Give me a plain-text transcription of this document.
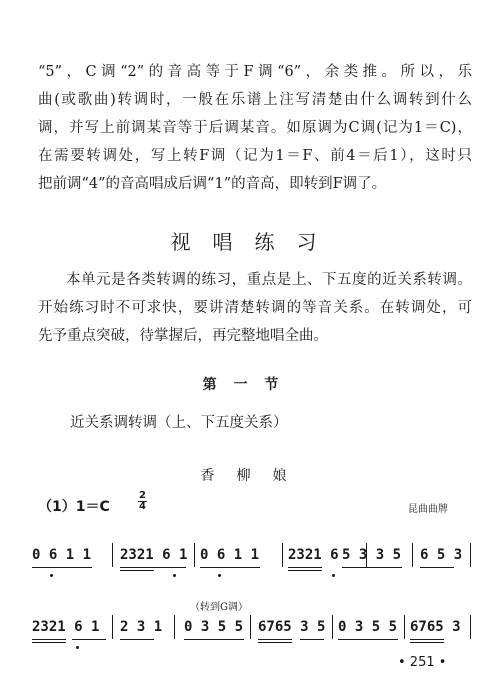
“5”，C调“2”的音高等于F调“6”，余类推。所以，乐
曲(或歌曲)转调时，一般在乐谱上注写清楚由什么调转到什么
调，并写上前调某音等于后调某音。如原调为C调(记为1＝C)，
在需要转调处，写上转F调（记为1＝F、前4＝后1），这时只
把前调“4”的音高唱成后调“1”的音高，即转到F调了。
视唱练习
本单元是各类转调的练习，重点是上、下五度的近关系转调。
开始练习时不可求快，要讲清楚转调的等音关系。在转调处，可
先予重点突破，待掌握后，再完整地唱全曲。
第 一 节
近关系调转调（上、下五度关系）
香柳娘
（1）1＝C
2
4	昆曲曲牌
0 6 1 1 2321 6 1 0 6 1 1 2321 6 5 3 3 5 6 5 3
（转到G调）
2321 6 1 2 3 1 0 3 5 5 6765 3 5 0 3 5 5 6765 3
• 251 •
